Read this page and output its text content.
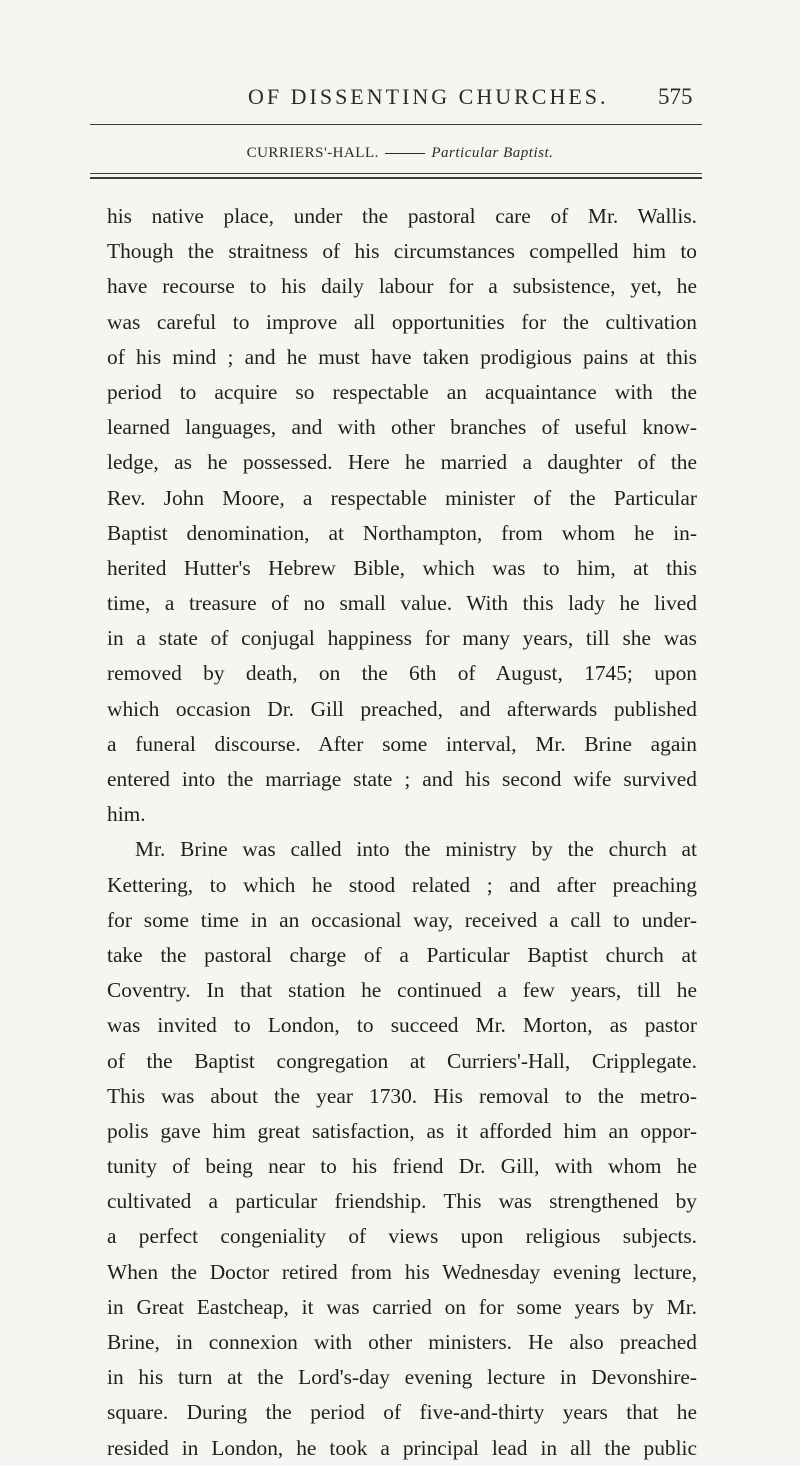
OF DISSENTING CHURCHES. 575
CURRIERS'-HALL.	Particular Baptist.
his native place, under the pastoral care of Mr. Wallis.
Though the straitness of his circumstances compelled him to
have recourse to his daily labour for a subsistence, yet, he
was careful to improve all opportunities for the cultivation
of his mind ; and he must have taken prodigious pains at this
period to acquire so respectable an acquaintance with the
learned languages, and with other branches of useful know-
ledge, as he possessed. Here he married a daughter of the
Rev. John Moore, a respectable minister of the Particular
Baptist denomination, at Northampton, from whom he in-
herited Hutter's Hebrew Bible, which was to him, at this
time, a treasure of no small value. With this lady he lived
in a state of conjugal happiness for many years, till she was
removed by death, on the 6th of August, 1745; upon
which occasion Dr. Gill preached, and afterwards published
a funeral discourse. After some interval, Mr. Brine again
entered into the marriage state ; and his second wife survived
him.
Mr. Brine was called into the ministry by the church at
Kettering, to which he stood related ; and after preaching
for some time in an occasional way, received a call to under-
take the pastoral charge of a Particular Baptist church at
Coventry. In that station he continued a few years, till he
was invited to London, to succeed Mr. Morton, as pastor
of the Baptist congregation at Curriers'-Hall, Cripplegate.
This was about the year 1730. His removal to the metro-
polis gave him great satisfaction, as it afforded him an oppor-
tunity of being near to his friend Dr. Gill, with whom he
cultivated a particular friendship. This was strengthened by
a perfect congeniality of views upon religious subjects.
When the Doctor retired from his Wednesday evening lecture,
in Great Eastcheap, it was carried on for some years by Mr.
Brine, in connexion with other ministers. He also preached
in his turn at the Lord's-day evening lecture in Devonshire-
square. During the period of five-and-thirty years that he
resided in London, he took a principal lead in all the public
